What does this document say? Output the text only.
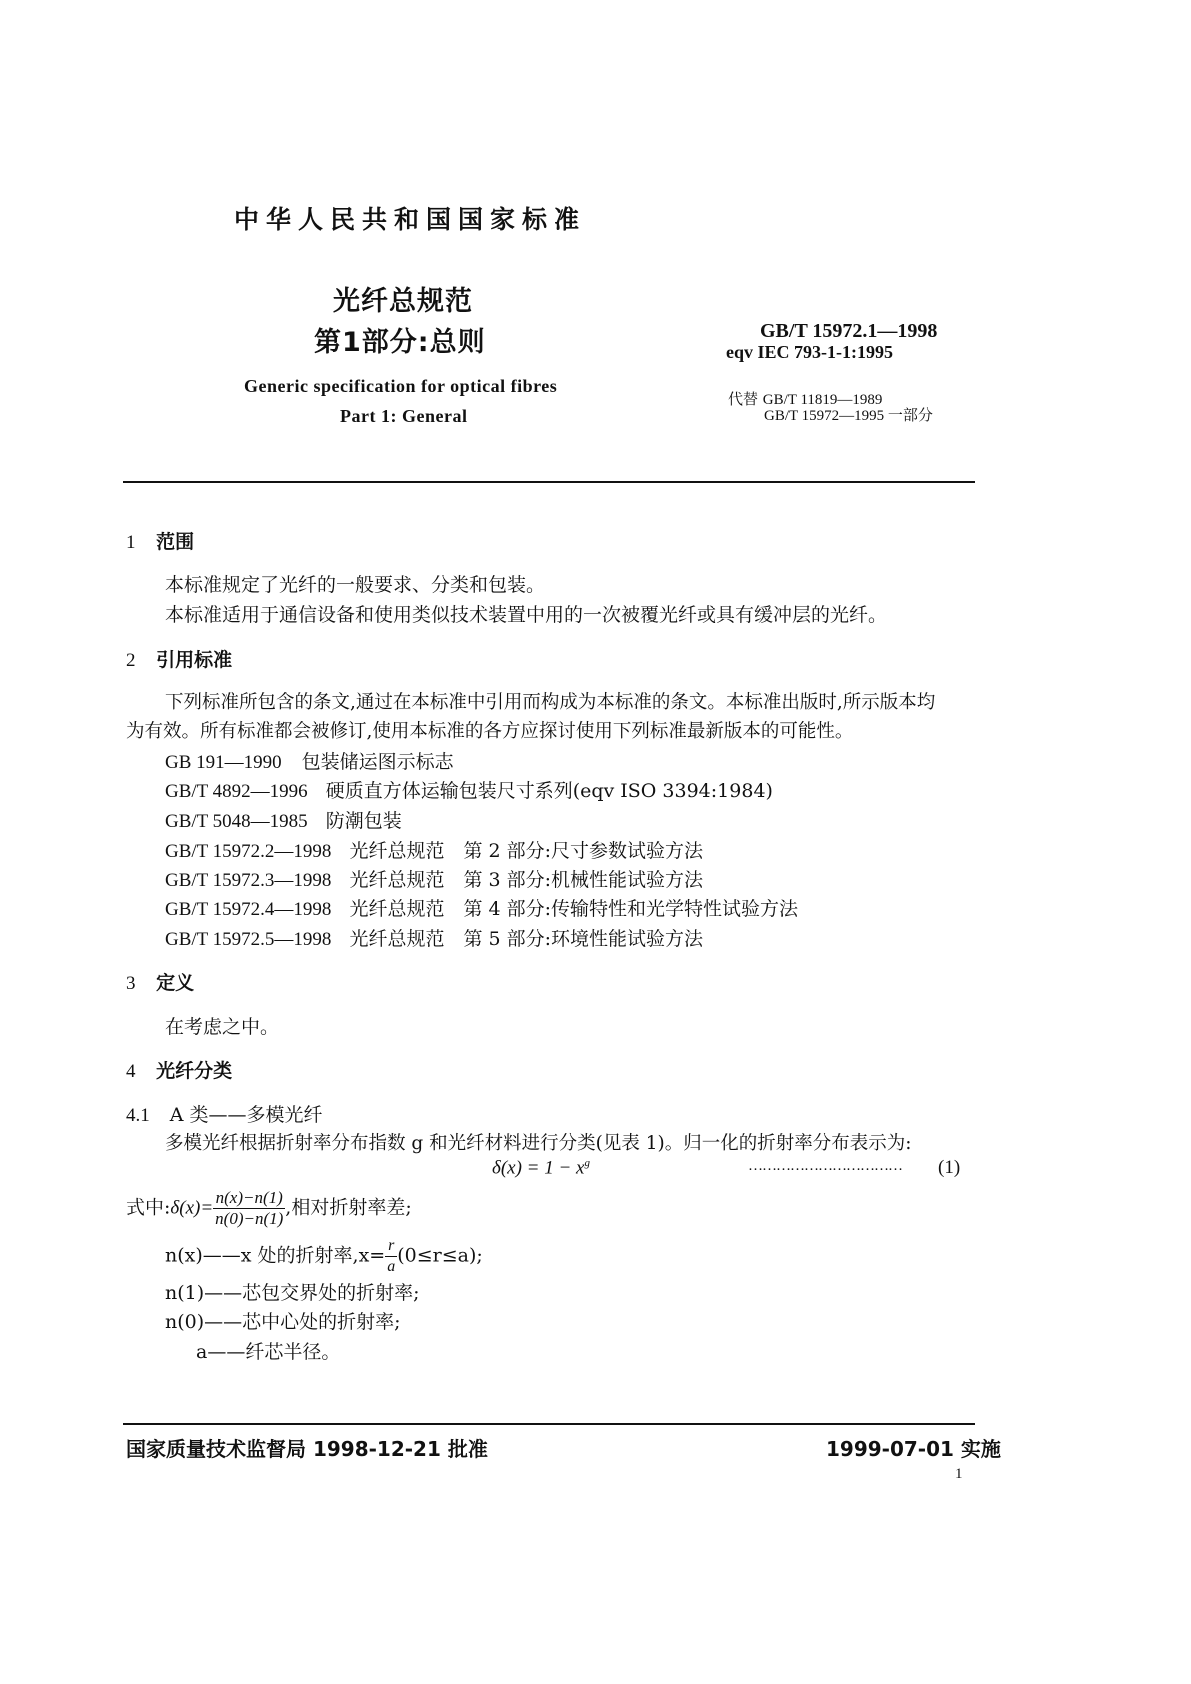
中华人民共和国国家标准
光纤总规范
第1部分:总则
Generic specification for optical fibres
Part 1: General
GB/T 15972.1—1998
eqv IEC 793-1-1:1995
代替 GB/T 11819—1989
GB/T 15972—1995 一部分
1 范围
本标准规定了光纤的一般要求、分类和包装。
本标准适用于通信设备和使用类似技术装置中用的一次被覆光纤或具有缓冲层的光纤。
2 引用标准
下列标准所包含的条文,通过在本标准中引用而构成为本标准的条文。本标准出版时,所示版本均
为有效。所有标准都会被修订,使用本标准的各方应探讨使用下列标准最新版本的可能性。
GB 191—1990 包装储运图示标志
GB/T 4892—1996 硬质直方体运输包装尺寸系列(eqv ISO 3394:1984)
GB/T 5048—1985 防潮包装
GB/T 15972.2—1998 光纤总规范　第 2 部分:尺寸参数试验方法
GB/T 15972.3—1998 光纤总规范　第 3 部分:机械性能试验方法
GB/T 15972.4—1998 光纤总规范　第 4 部分:传输特性和光学特性试验方法
GB/T 15972.5—1998 光纤总规范　第 5 部分:环境性能试验方法
3 定义
在考虑之中。
4 光纤分类
4.1 A 类——多模光纤
多模光纤根据折射率分布指数 g 和光纤材料进行分类(见表 1)。归一化的折射率分布表示为:
$\delta(x) = 1 - x^g$	…………………………… (1)
式中:δ(x)= $\frac{n(x)-n(1)}{n(0)-n(1)}$ ,相对折射率差;
n(x)——x 处的折射率$,x= \frac{r}{a} (0\le r\le a)$;
n(1)——芯包交界处的折射率;
n(0)——芯中心处的折射率;
a——纤芯半径。
国家质量技术监督局 1998-12-21 批准	1999-07-01 实施
1
